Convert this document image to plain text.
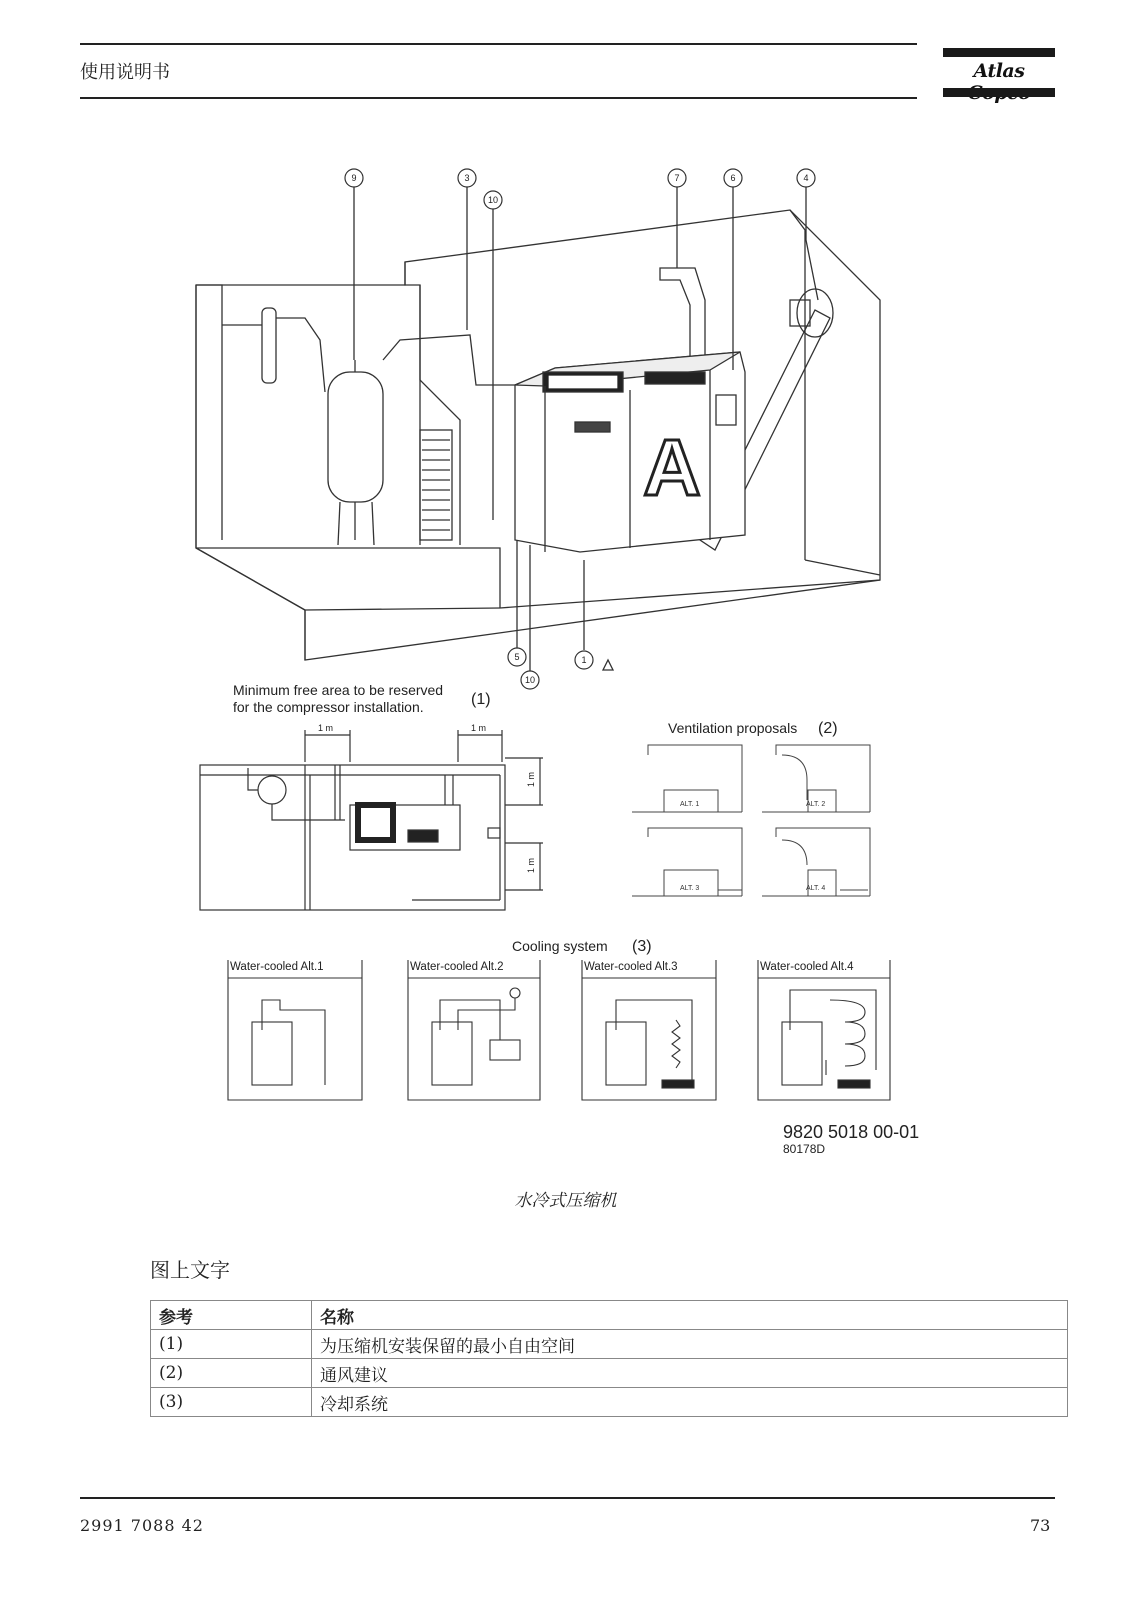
使用说明书	Atlas
A
9	3
10
7	6	4
5	1
10
Minimum free area to be reserved
for the compressor installation.	(1)
1 m	1 m
1 m
1 m
Ventilation proposals (2)
ALT. 1	ALT. 2
ALT. 3	ALT. 4
Cooling system (3)
Water-cooled Alt.1	Water-cooled Alt.2	Water-cooled Alt.3	Water-cooled Alt.4
9820 5018 00-01
80178D
水冷式压缩机
图上文字
参考	名称
(1)	为压缩机安装保留的最小自由空间
(2)	通风建议
(3)	冷却系统
2991 7088 42	73
